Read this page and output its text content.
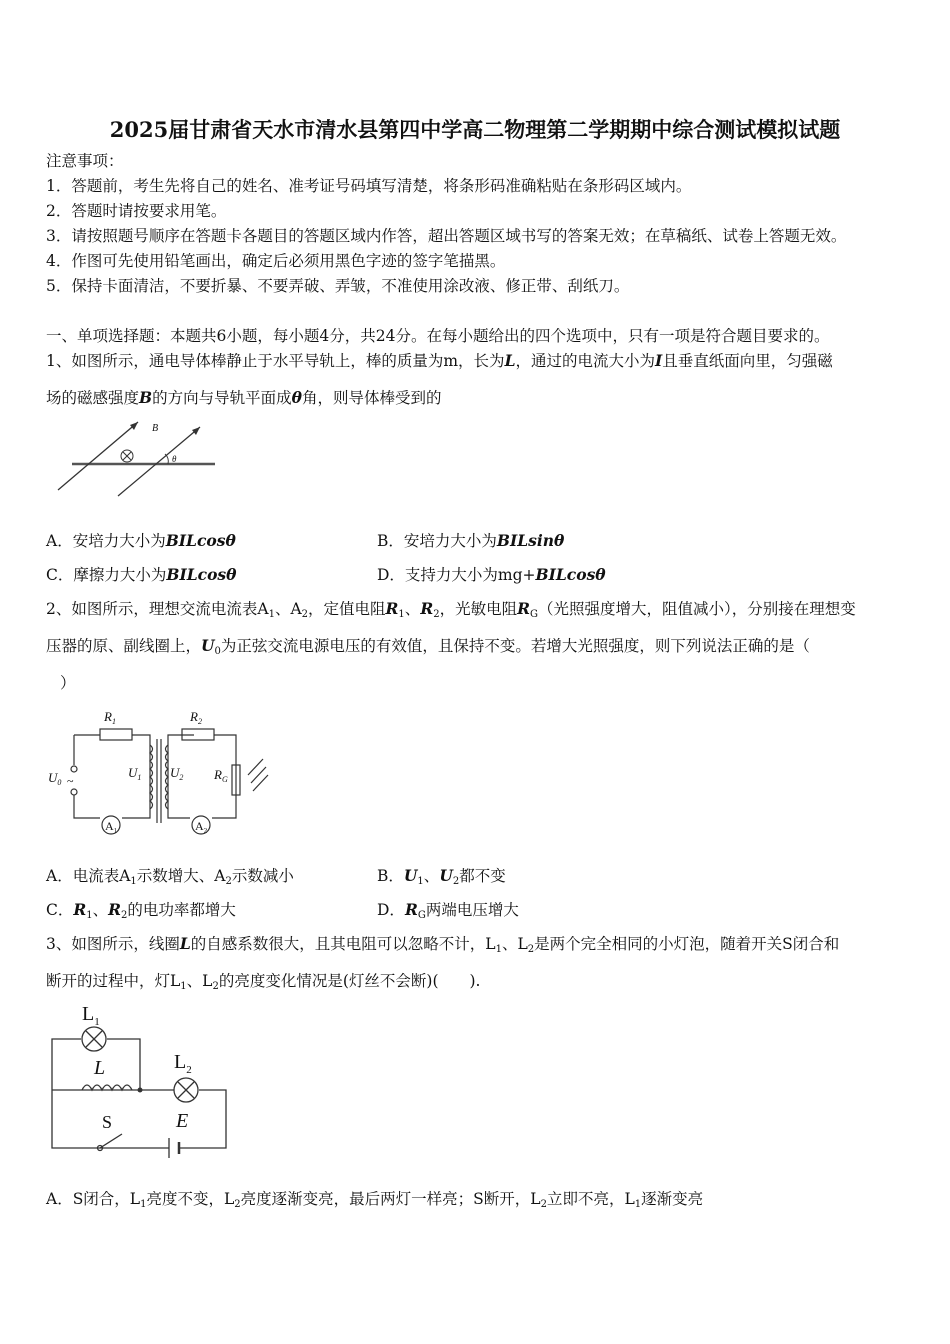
2025届甘肃省天水市清水县第四中学高二物理第二学期期中综合测试模拟试题
注意事项：
1．答题前，考生先将自己的姓名、准考证号码填写清楚，将条形码准确粘贴在条形码区域内。
2．答题时请按要求用笔。
3．请按照题号顺序在答题卡各题目的答题区域内作答，超出答题区域书写的答案无效；在草稿纸、试卷上答题无效。
4．作图可先使用铅笔画出，确定后必须用黑色字迹的签字笔描黑。
5．保持卡面清洁，不要折暴、不要弄破、弄皱，不准使用涂改液、修正带、刮纸刀。
一、单项选择题：本题共6小题，每小题4分，共24分。在每小题给出的四个选项中，只有一项是符合题目要求的。
1、如图所示，通电导体棒静止于水平导轨上，棒的质量为m，长为L，通过的电流大小为I且垂直纸面向里，匀强磁
场的磁感强度B的方向与导轨平面成θ角，则导体棒受到的
B
θ
A．安培力大小为BILcosθ	B．安培力大小为BILsinθ
C．摩擦力大小为BILcosθ	D．支持力大小为mg+BILcosθ
2、如图所示，理想交流电流表$A_1$、$A_2$，定值电阻$R_1$、$R_2$，光敏电阻$R_G$（光照强度增大，阻值减小），分别接在理想变
压器的原、副线圈上，$U_0$为正弦交流电源电压的有效值，且保持不变。若增大光照强度，则下列说法正确的是（
）
$R_1$	$R_2$
$U_0$ ~
$U_1$ $U_2$ $R_G$
$A_1$	$A_2$
A．电流表$A_1$示数增大、$A_2$示数减小	B．$U_1$、$U_2$都不变
C．$R_1$、$R_2$的电功率都增大	D．$R_G$两端电压增大
3、如图所示，线圈L的自感系数很大，且其电阻可以忽略不计，$L_1$、$L_2$是两个完全相同的小灯泡，随着开关S闭合和
断开的过程中，灯$L_1$、$L_2$的亮度变化情况是(灯丝不会断)(　　).
$L_1$
L	$L_2$
E
S
A．S闭合，$L_1$亮度不变，$L_2$亮度逐渐变亮，最后两灯一样亮；S断开，$L_2$立即不亮，$L_1$逐渐变亮
